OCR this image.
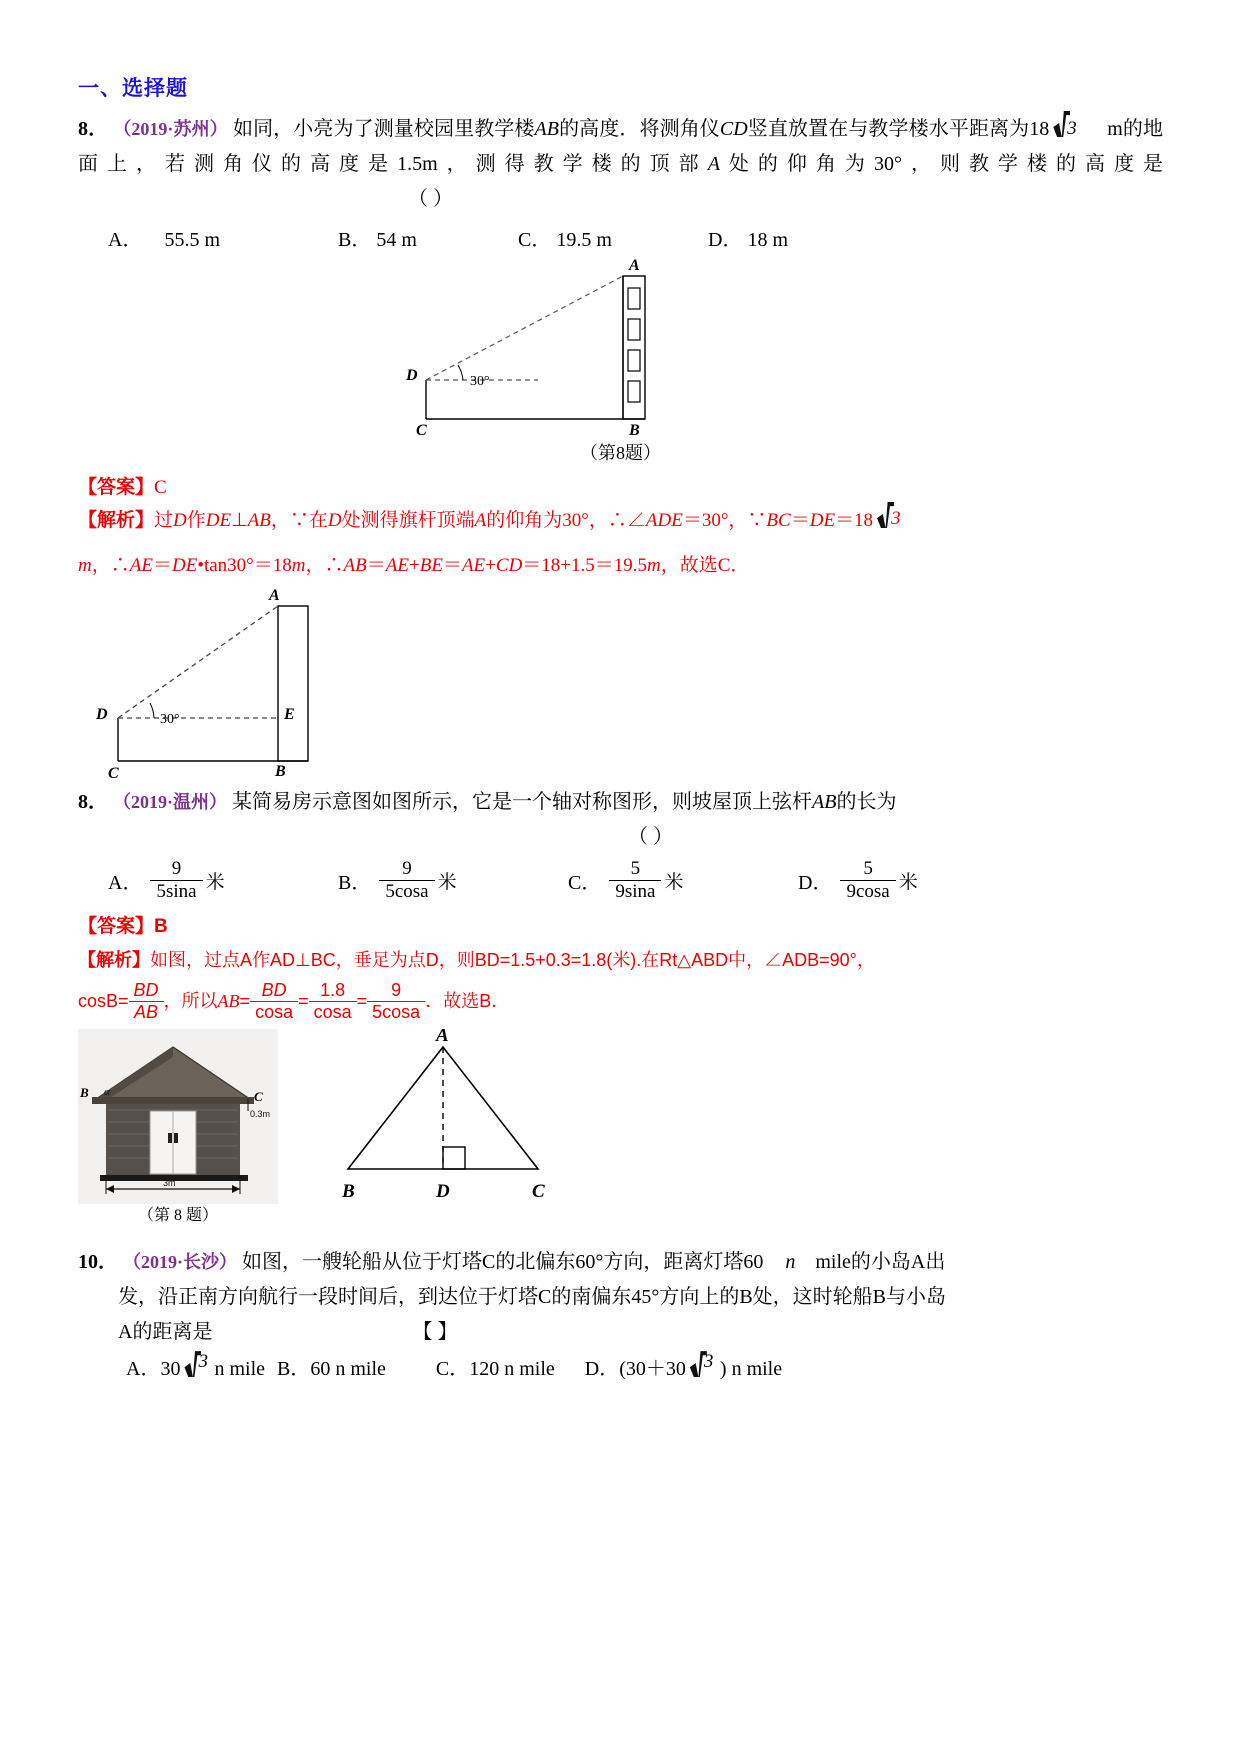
一、选择题
8． （2019·苏州） 如同，小亮为了测量校园里教学楼AB的高度．将测角仪CD竖直放置在与教学楼水平距离为18 3 m的地面上，若测角仪的高度是1.5m，测得教学楼的顶部A处的仰角为30°，则教学楼的高度是 （ ）
A． 55.5 m	B． 54 m	C． 19.5 m	D． 18 m
A
B
C
D	30°
（第8题）
【答案】C
【解析】过D作DE⊥AB，∵在D处测得旗杆顶端A的仰角为30°，∴∠ADE＝30°，∵BC＝DE＝18 3
m，∴AE＝DE•tan30°＝18m，∴AB＝AE+BE＝AE+CD＝18+1.5＝19.5m，故选C．
A
B
C
D	E
30°
8． （2019·温州） 某简易房示意图如图所示，它是一个轴对称图形，则坡屋顶上弦杆AB的长为
（ ）
A． $\frac{9}{5\sin a}$ 米	B． $\frac{9}{5\cos a}$ 米	C． $\frac{5}{9\sin a}$ 米	D． $\frac{5}{9\cos a}$ 米
【答案】B
【解析】如图，过点A作AD⊥BC，垂足为点D，则BD=1.5+0.3=1.8(米).在Rt△ABD中，∠ADB=90°，
$\cos B= \frac{BD}{AB}$ ，所以$AB= \frac{BD}{\cos a} = \frac{1.8}{\cos a} = \frac{9}{5\cos a}$ ．故选B．
3m
B α	C
0.3m
（第 8 题）
A
B	D	C
10． （2019·长沙） 如图，一艘轮船从位于灯塔C的北偏东60°方向，距离灯塔60 n mile的小岛A出
发，沿正南方向航行一段时间后，到达位于灯塔C的南偏东45°方向上的B处，这时轮船B与小岛
A的距离是	【 】
A．30 3 n mile B．60 n mile	C．120 n mile D．(30＋30 3 ) n mile
